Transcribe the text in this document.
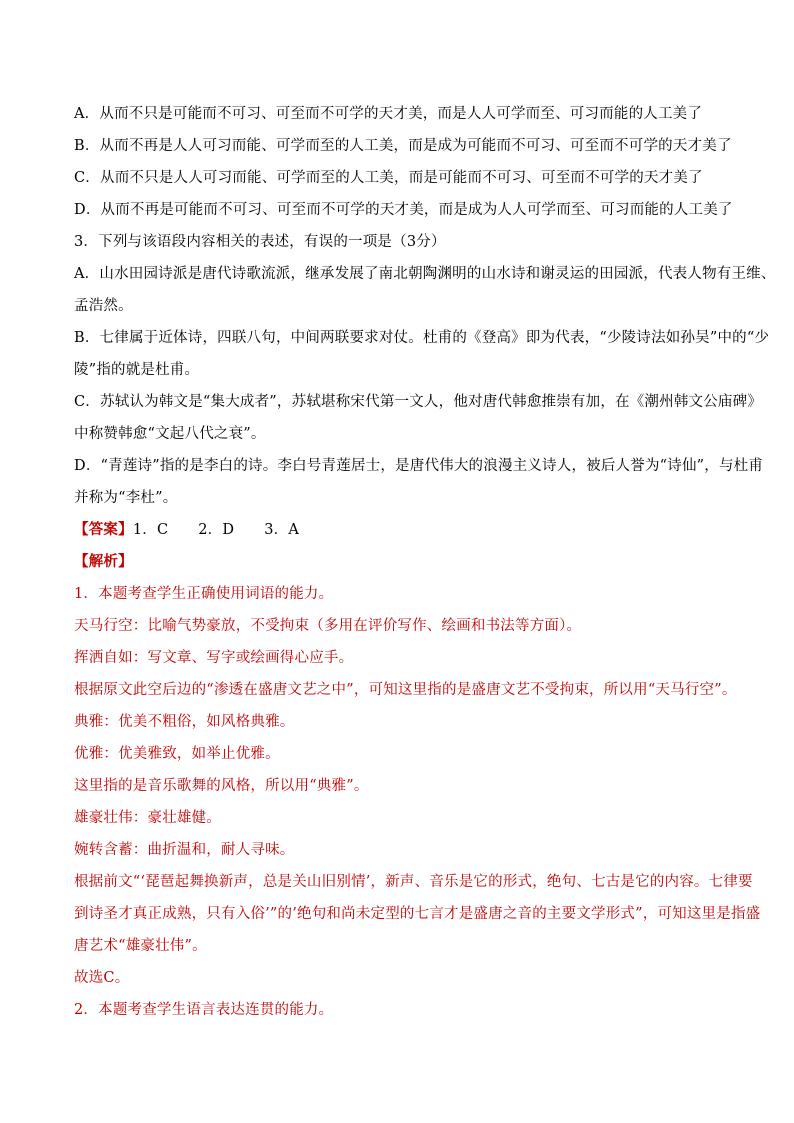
A．从而不只是可能而不可习、可至而不可学的天才美，而是人人可学而至、可习而能的人工美了
B．从而不再是人人可习而能、可学而至的人工美，而是成为可能而不可习、可至而不可学的天才美了
C．从而不只是人人可习而能、可学而至的人工美，而是可能而不可习、可至而不可学的天才美了
D．从而不再是可能而不可习、可至而不可学的天才美，而是成为人人可学而至、可习而能的人工美了
3．下列与该语段内容相关的表述，有误的一项是（3分）
A．山水田园诗派是唐代诗歌流派，继承发展了南北朝陶渊明的山水诗和谢灵运的田园派，代表人物有王维、
孟浩然。
B．七律属于近体诗，四联八句，中间两联要求对仗。杜甫的《登高》即为代表，“少陵诗法如孙吴”中的“少
陵”指的就是杜甫。
C．苏轼认为韩文是“集大成者”，苏轼堪称宋代第一文人，他对唐代韩愈推崇有加，在《潮州韩文公庙碑》
中称赞韩愈“文起八代之衰”。
D．“青莲诗”指的是李白的诗。李白号青莲居士，是唐代伟大的浪漫主义诗人，被后人誉为“诗仙”，与杜甫
并称为“李杜”。
【答案】1．C 2．D 3．A
【解析】
1．本题考查学生正确使用词语的能力。
天马行空：比喻气势豪放，不受拘束（多用在评价写作、绘画和书法等方面）。
挥洒自如：写文章、写字或绘画得心应手。
根据原文此空后边的“渗透在盛唐文艺之中”，可知这里指的是盛唐文艺不受拘束，所以用“天马行空”。
典雅：优美不粗俗，如风格典雅。
优雅：优美雅致，如举止优雅。
这里指的是音乐歌舞的风格，所以用“典雅”。
雄豪壮伟：豪壮雄健。
婉转含蓄：曲折温和，耐人寻味。
根据前文“‘琵琶起舞换新声，总是关山旧别情’，新声、音乐是它的形式，绝句、七古是它的内容。七律要
到诗圣才真正成熟，只有入俗’”的’绝句和尚未定型的七言才是盛唐之音的主要文学形式”，可知这里是指盛
唐艺术“雄豪壮伟”。
故选C。
2．本题考查学生语言表达连贯的能力。
